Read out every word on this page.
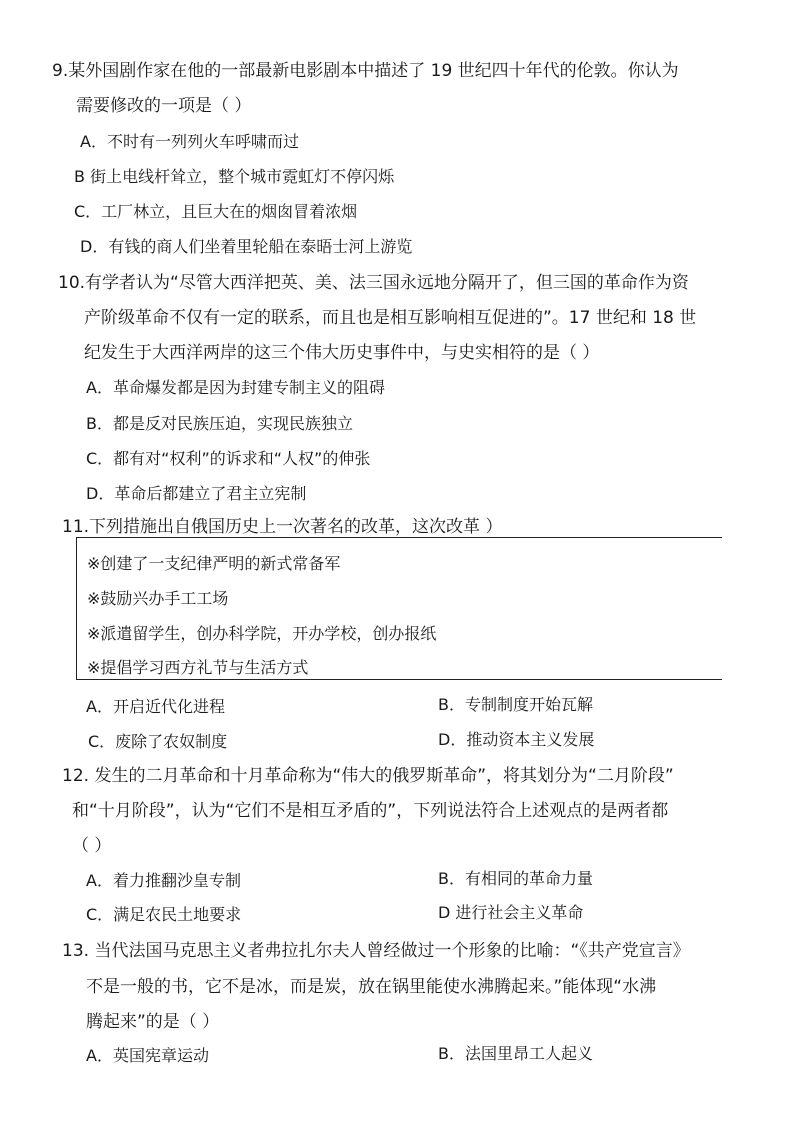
9.某外国剧作家在他的一部最新电影剧本中描述了 19 世纪四十年代的伦敦。你认为
需要修改的一项是（ ）
A．不时有一列列火车呼啸而过
B 街上电线杆耸立，整个城市霓虹灯不停闪烁
C．工厂林立，且巨大在的烟囱冒着浓烟
D．有钱的商人们坐着里轮船在泰晤士河上游览
10.有学者认为“尽管大西洋把英、美、法三国永远地分隔开了，但三国的革命作为资
产阶级革命不仅有一定的联系，而且也是相互影响相互促进的”。17 世纪和 18 世
纪发生于大西洋两岸的这三个伟大历史事件中，与史实相符的是（ ）
A．革命爆发都是因为封建专制主义的阻碍
B．都是反对民族压迫，实现民族独立
C．都有对“权利”的诉求和“人权”的伸张
D．革命后都建立了君主立宪制
11.下列措施出自俄国历史上一次著名的改革，这次改革 ）
※创建了一支纪律严明的新式常备军
※鼓励兴办手工工场
※派遣留学生，创办科学院，开办学校，创办报纸
※提倡学习西方礼节与生活方式
A．开启近代化进程	B．专制制度开始瓦解
C．废除了农奴制度	D．推动资本主义发展
12. 发生的二月革命和十月革命称为“伟大的俄罗斯革命”，将其划分为“二月阶段”
和“十月阶段”，认为“它们不是相互矛盾的”，下列说法符合上述观点的是两者都
（ ）
A．着力推翻沙皇专制	B．有相同的革命力量
C．满足农民土地要求	D 进行社会主义革命
13. 当代法国马克思主义者弗拉扎尔夫人曾经做过一个形象的比喻：“《共产党宣言》
不是一般的书，它不是冰，而是炭，放在锅里能使水沸腾起来。”能体现“水沸
腾起来”的是（ ）
A．英国宪章运动	B．法国里昂工人起义
